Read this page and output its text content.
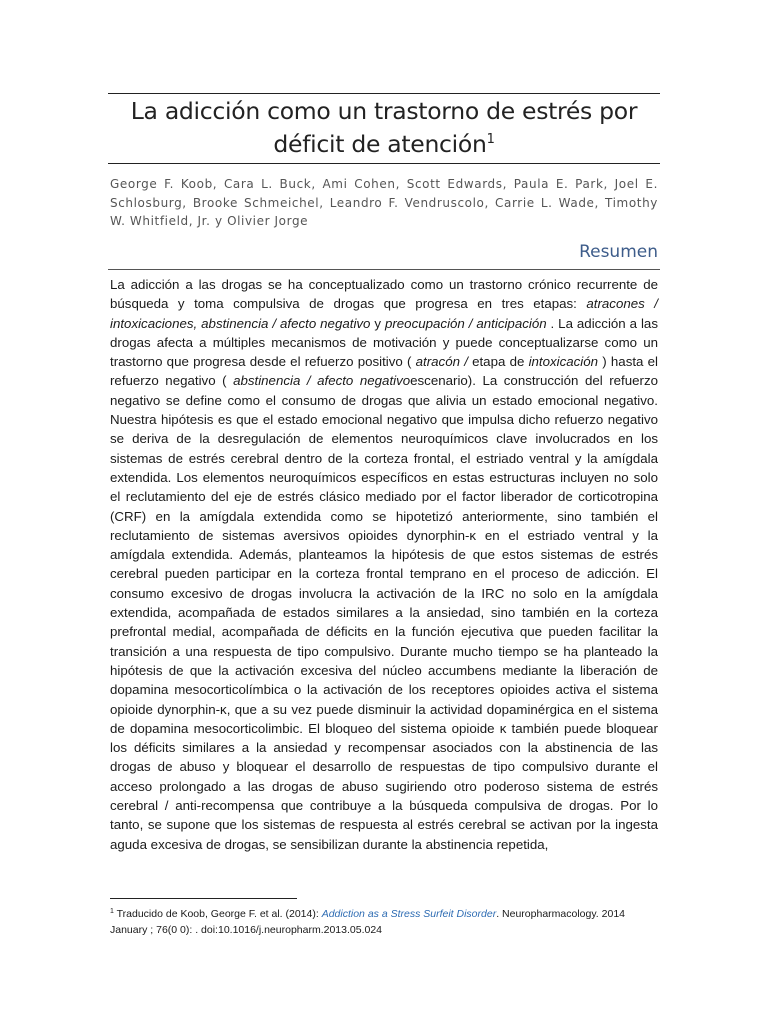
La adicción como un trastorno de estrés por déficit de atención$^1$
George F. Koob, Cara L. Buck, Ami Cohen, Scott Edwards, Paula E. Park, Joel E. Schlosburg, Brooke Schmeichel, Leandro F. Vendruscolo, Carrie L. Wade, Timothy W. Whitfield, Jr. y Olivier Jorge
Resumen

La adicción a las drogas se ha conceptualizado como un trastorno crónico recurrente de búsqueda y toma compulsiva de drogas que progresa en tres etapas: atracones / intoxicaciones, abstinencia / afecto negativo y preocupación / anticipación . La adicción a las drogas afecta a múltiples mecanismos de motivación y puede conceptualizarse como un trastorno que progresa desde el refuerzo positivo ( atracón / etapa de intoxicación ) hasta el refuerzo negativo ( abstinencia / afecto negativoescenario). La construcción del refuerzo negativo se define como el consumo de drogas que alivia un estado emocional negativo. Nuestra hipótesis es que el estado emocional negativo que impulsa dicho refuerzo negativo se deriva de la desregulación de elementos neuroquímicos clave involucrados en los sistemas de estrés cerebral dentro de la corteza frontal, el estriado ventral y la amígdala extendida. Los elementos neuroquímicos específicos en estas estructuras incluyen no solo el reclutamiento del eje de estrés clásico mediado por el factor liberador de corticotropina (CRF) en la amígdala extendida como se hipotetizó anteriormente, sino también el reclutamiento de sistemas aversivos opioides dynorphin-κ en el estriado ventral y la amígdala extendida. Además, planteamos la hipótesis de que estos sistemas de estrés cerebral pueden participar en la corteza frontal temprano en el proceso de adicción. El consumo excesivo de drogas involucra la activación de la IRC no solo en la amígdala extendida, acompañada de estados similares a la ansiedad, sino también en la corteza prefrontal medial, acompañada de déficits en la función ejecutiva que pueden facilitar la transición a una respuesta de tipo compulsivo. Durante mucho tiempo se ha planteado la hipótesis de que la activación excesiva del núcleo accumbens mediante la liberación de dopamina mesocorticolímbica o la activación de los receptores opioides activa el sistema opioide dynorphin-κ, que a su vez puede disminuir la actividad dopaminérgica en el sistema de dopamina mesocorticolimbic. El bloqueo del sistema opioide κ también puede bloquear los déficits similares a la ansiedad y recompensar asociados con la abstinencia de las drogas de abuso y bloquear el desarrollo de respuestas de tipo compulsivo durante el acceso prolongado a las drogas de abuso sugiriendo otro poderoso sistema de estrés cerebral / anti-recompensa que contribuye a la búsqueda compulsiva de drogas. Por lo tanto, se supone que los sistemas de respuesta al estrés cerebral se activan por la ingesta aguda excesiva de drogas, se sensibilizan durante la abstinencia repetida,

$^1$ Traducido de Koob, George F. et al. (2014): Addiction as a Stress Surfeit Disorder. Neuropharmacology. 2014 January ; 76(0 0): . doi:10.1016/j.neuropharm.2013.05.024
